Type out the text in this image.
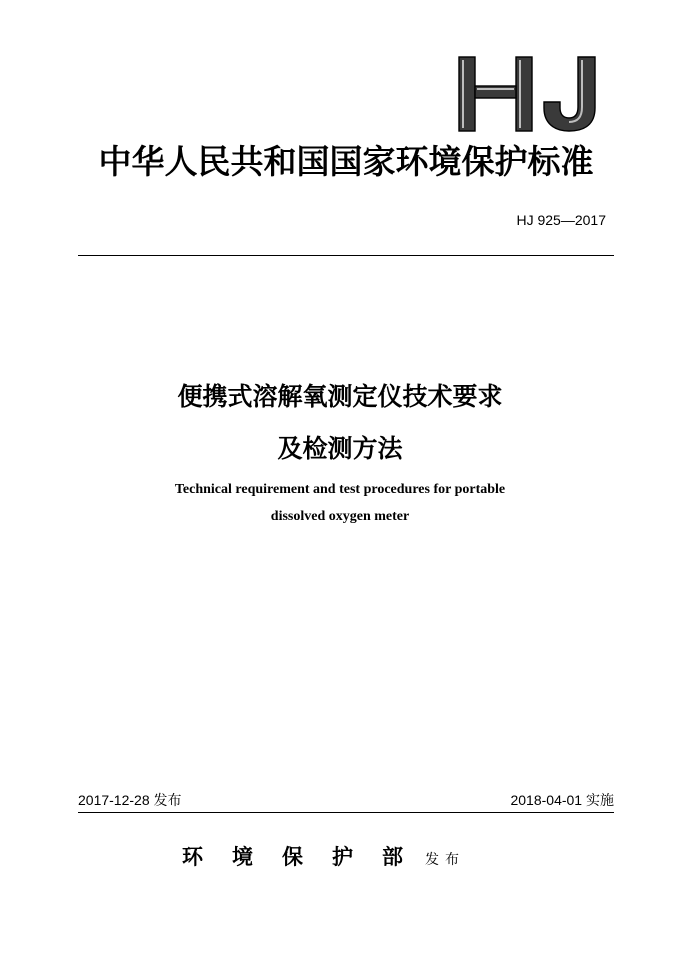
中华人民共和国国家环境保护标准
HJ 925—2017
便携式溶解氧测定仪技术要求
及检测方法

Technical requirement and test procedures for portable

dissolved oxygen meter

2017-12-28 发布	2018-04-01 实施
环境保护部 发布
